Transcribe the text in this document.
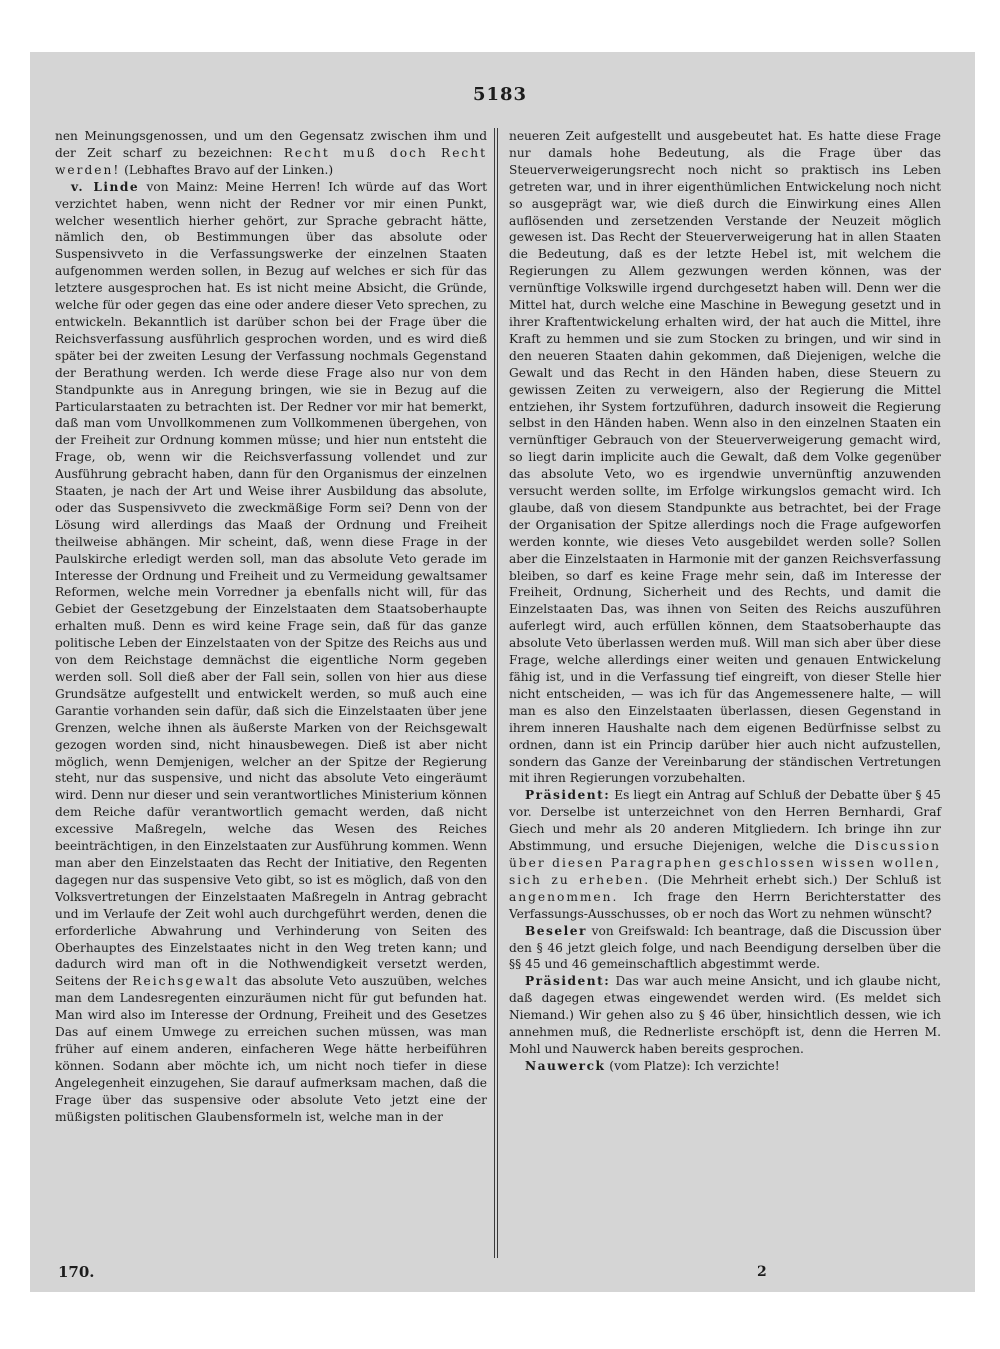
5183

nen Meinungsgenossen, und um den Gegensatz zwischen ihm und der Zeit scharf zu bezeichnen: Recht muß doch Recht werden! (Lebhaftes Bravo auf der Linken.)

v. Linde von Mainz: Meine Herren! Ich würde auf das Wort verzichtet haben, wenn nicht der Redner vor mir einen Punkt, welcher wesentlich hierher gehört, zur Sprache gebracht hätte, nämlich den, ob Bestimmungen über das absolute oder Suspensivveto in die Verfassungswerke der einzelnen Staaten aufgenommen werden sollen, in Bezug auf welches er sich für das letztere ausgesprochen hat. Es ist nicht meine Absicht, die Gründe, welche für oder gegen das eine oder andere dieser Veto sprechen, zu entwickeln. Bekanntlich ist darüber schon bei der Frage über die Reichsverfassung ausführlich gesprochen worden, und es wird dieß später bei der zweiten Lesung der Verfassung nochmals Gegenstand der Berathung werden. Ich werde diese Frage also nur von dem Standpunkte aus in Anregung bringen, wie sie in Bezug auf die Particularstaaten zu betrachten ist. Der Redner vor mir hat bemerkt, daß man vom Unvollkommenen zum Vollkommenen übergehen, von der Freiheit zur Ordnung kommen müsse; und hier nun entsteht die Frage, ob, wenn wir die Reichsverfassung vollendet und zur Ausführung gebracht haben, dann für den Organismus der einzelnen Staaten, je nach der Art und Weise ihrer Ausbildung das absolute, oder das Suspensivveto die zweckmäßige Form sei? Denn von der Lösung wird allerdings das Maaß der Ordnung und Freiheit theilweise abhängen. Mir scheint, daß, wenn diese Frage in der Paulskirche erledigt werden soll, man das absolute Veto gerade im Interesse der Ordnung und Freiheit und zu Vermeidung gewaltsamer Reformen, welche mein Vorredner ja ebenfalls nicht will, für das Gebiet der Gesetzgebung der Einzelstaaten dem Staatsoberhaupte erhalten muß. Denn es wird keine Frage sein, daß für das ganze politische Leben der Einzelstaaten von der Spitze des Reichs aus und von dem Reichstage demnächst die eigentliche Norm gegeben werden soll. Soll dieß aber der Fall sein, sollen von hier aus diese Grundsätze aufgestellt und entwickelt werden, so muß auch eine Garantie vorhanden sein dafür, daß sich die Einzelstaaten über jene Grenzen, welche ihnen als äußerste Marken von der Reichsgewalt gezogen worden sind, nicht hinausbewegen. Dieß ist aber nicht möglich, wenn Demjenigen, welcher an der Spitze der Regierung steht, nur das suspensive, und nicht das absolute Veto eingeräumt wird. Denn nur dieser und sein verantwortliches Ministerium können dem Reiche dafür verantwortlich gemacht werden, daß nicht excessive Maßregeln, welche das Wesen des Reiches beeinträchtigen, in den Einzelstaaten zur Ausführung kommen. Wenn man aber den Einzelstaaten das Recht der Initiative, den Regenten dagegen nur das suspensive Veto gibt, so ist es möglich, daß von den Volksvertretungen der Einzelstaaten Maßregeln in Antrag gebracht und im Verlaufe der Zeit wohl auch durchgeführt werden, denen die erforderliche Abwahrung und Verhinderung von Seiten des Oberhauptes des Einzelstaates nicht in den Weg treten kann; und dadurch wird man oft in die Nothwendigkeit versetzt werden, Seitens der Reichsgewalt das absolute Veto auszuüben, welches man dem Landesregenten einzuräumen nicht für gut befunden hat. Man wird also im Interesse der Ordnung, Freiheit und des Gesetzes Das auf einem Umwege zu erreichen suchen müssen, was man früher auf einem anderen, einfacheren Wege hätte herbeiführen können. Sodann aber möchte ich, um nicht noch tiefer in diese Angelegenheit einzugehen, Sie darauf aufmerksam machen, daß die Frage über das suspensive oder absolute Veto jetzt eine der müßigsten politischen Glaubensformeln ist, welche man in der

neueren Zeit aufgestellt und ausgebeutet hat. Es hatte diese Frage nur damals hohe Bedeutung, als die Frage über das Steuerverweigerungsrecht noch nicht so praktisch ins Leben getreten war, und in ihrer eigenthümlichen Entwickelung noch nicht so ausgeprägt war, wie dieß durch die Einwirkung eines Allen auflösenden und zersetzenden Verstande der Neuzeit möglich gewesen ist. Das Recht der Steuerverweigerung hat in allen Staaten die Bedeutung, daß es der letzte Hebel ist, mit welchem die Regierungen zu Allem gezwungen werden können, was der vernünftige Volkswille irgend durchgesetzt haben will. Denn wer die Mittel hat, durch welche eine Maschine in Bewegung gesetzt und in ihrer Kraftentwickelung erhalten wird, der hat auch die Mittel, ihre Kraft zu hemmen und sie zum Stocken zu bringen, und wir sind in den neueren Staaten dahin gekommen, daß Diejenigen, welche die Gewalt und das Recht in den Händen haben, diese Steuern zu gewissen Zeiten zu verweigern, also der Regierung die Mittel entziehen, ihr System fortzuführen, dadurch insoweit die Regierung selbst in den Händen haben. Wenn also in den einzelnen Staaten ein vernünftiger Gebrauch von der Steuerverweigerung gemacht wird, so liegt darin implicite auch die Gewalt, daß dem Volke gegenüber das absolute Veto, wo es irgendwie unvernünftig anzuwenden versucht werden sollte, im Erfolge wirkungslos gemacht wird. Ich glaube, daß von diesem Standpunkte aus betrachtet, bei der Frage der Organisation der Spitze allerdings noch die Frage aufgeworfen werden konnte, wie dieses Veto ausgebildet werden solle? Sollen aber die Einzelstaaten in Harmonie mit der ganzen Reichsverfassung bleiben, so darf es keine Frage mehr sein, daß im Interesse der Freiheit, Ordnung, Sicherheit und des Rechts, und damit die Einzelstaaten Das, was ihnen von Seiten des Reichs auszuführen auferlegt wird, auch erfüllen können, dem Staatsoberhaupte das absolute Veto überlassen werden muß. Will man sich aber über diese Frage, welche allerdings einer weiten und genauen Entwickelung fähig ist, und in die Verfassung tief eingreift, von dieser Stelle hier nicht entscheiden, — was ich für das Angemessenere halte, — will man es also den Einzelstaaten überlassen, diesen Gegenstand in ihrem inneren Haushalte nach dem eigenen Bedürfnisse selbst zu ordnen, dann ist ein Princip darüber hier auch nicht aufzustellen, sondern das Ganze der Vereinbarung der ständischen Vertretungen mit ihren Regierungen vorzubehalten.

Präsident: Es liegt ein Antrag auf Schluß der Debatte über § 45 vor. Derselbe ist unterzeichnet von den Herren Bernhardi, Graf Giech und mehr als 20 anderen Mitgliedern. Ich bringe ihn zur Abstimmung, und ersuche Diejenigen, welche die Discussion über diesen Paragraphen geschlossen wissen wollen, sich zu erheben. (Die Mehrheit erhebt sich.) Der Schluß ist angenommen. Ich frage den Herrn Berichterstatter des Verfassungs-Ausschusses, ob er noch das Wort zu nehmen wünscht?

Beseler von Greifswald: Ich beantrage, daß die Discussion über den § 46 jetzt gleich folge, und nach Beendigung derselben über die §§ 45 und 46 gemeinschaftlich abgestimmt werde.

Präsident: Das war auch meine Ansicht, und ich glaube nicht, daß dagegen etwas eingewendet werden wird. (Es meldet sich Niemand.) Wir gehen also zu § 46 über, hinsichtlich dessen, wie ich annehmen muß, die Rednerliste erschöpft ist, denn die Herren M. Mohl und Nauwerck haben bereits gesprochen.

Nauwerck (vom Platze): Ich verzichte!

170.	2
